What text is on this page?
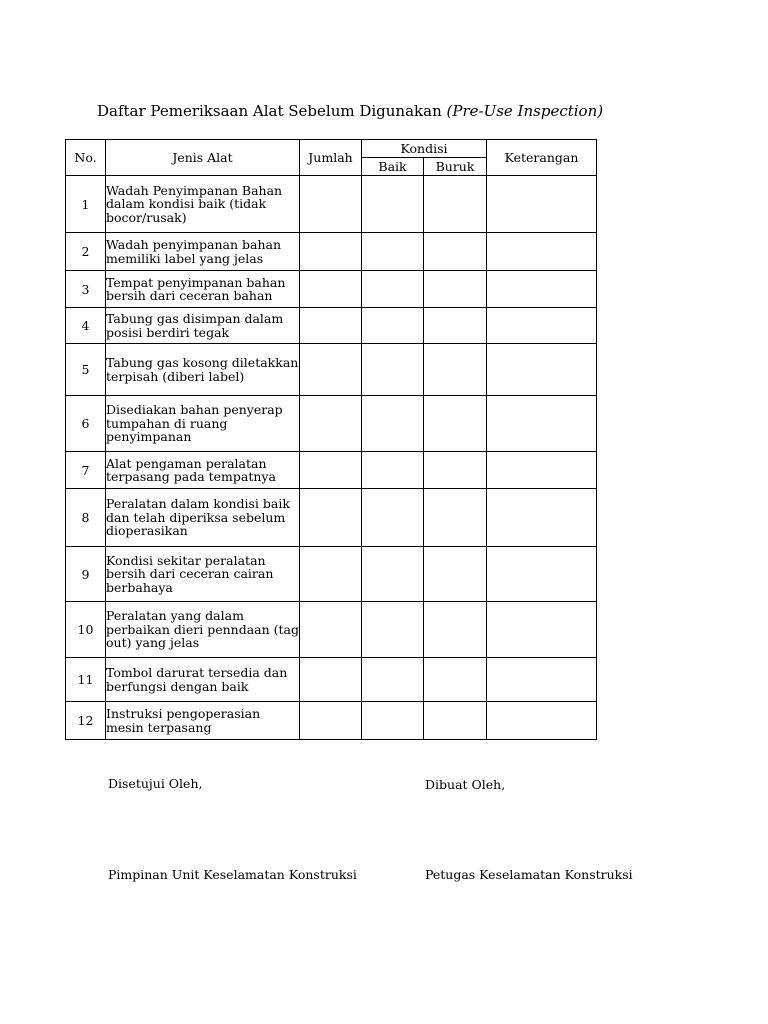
Daftar Pemeriksaan Alat Sebelum Digunakan (Pre-Use Inspection)
No.	Jenis Alat	Jumlah	Kondisi		Keterangan
			Baik	Buruk	
1	Wadah Penyimpanan Bahan dalam kondisi baik (tidak bocor/rusak)				
2	Wadah penyimpanan bahan memiliki label yang jelas				
3	Tempat penyimpanan bahan bersih dari ceceran bahan				
4	Tabung gas disimpan dalam posisi berdiri tegak				
5	Tabung gas kosong diletakkan terpisah (diberi label)				
6	Disediakan bahan penyerap tumpahan di ruang penyimpanan				
7	Alat pengaman peralatan terpasang pada tempatnya				
8	Peralatan dalam kondisi baik dan telah diperiksa sebelum dioperasikan				
9	Kondisi sekitar peralatan bersih dari ceceran cairan berbahaya				
10	Peralatan yang dalam perbaikan dieri penndaan (tag out) yang jelas				
11	Tombol darurat tersedia dan berfungsi dengan baik				
12	Instruksi pengoperasian mesin terpasang				
Disetujui Oleh,	Dibuat Oleh,
Pimpinan Unit Keselamatan Konstruksi	Petugas Keselamatan Konstruksi
